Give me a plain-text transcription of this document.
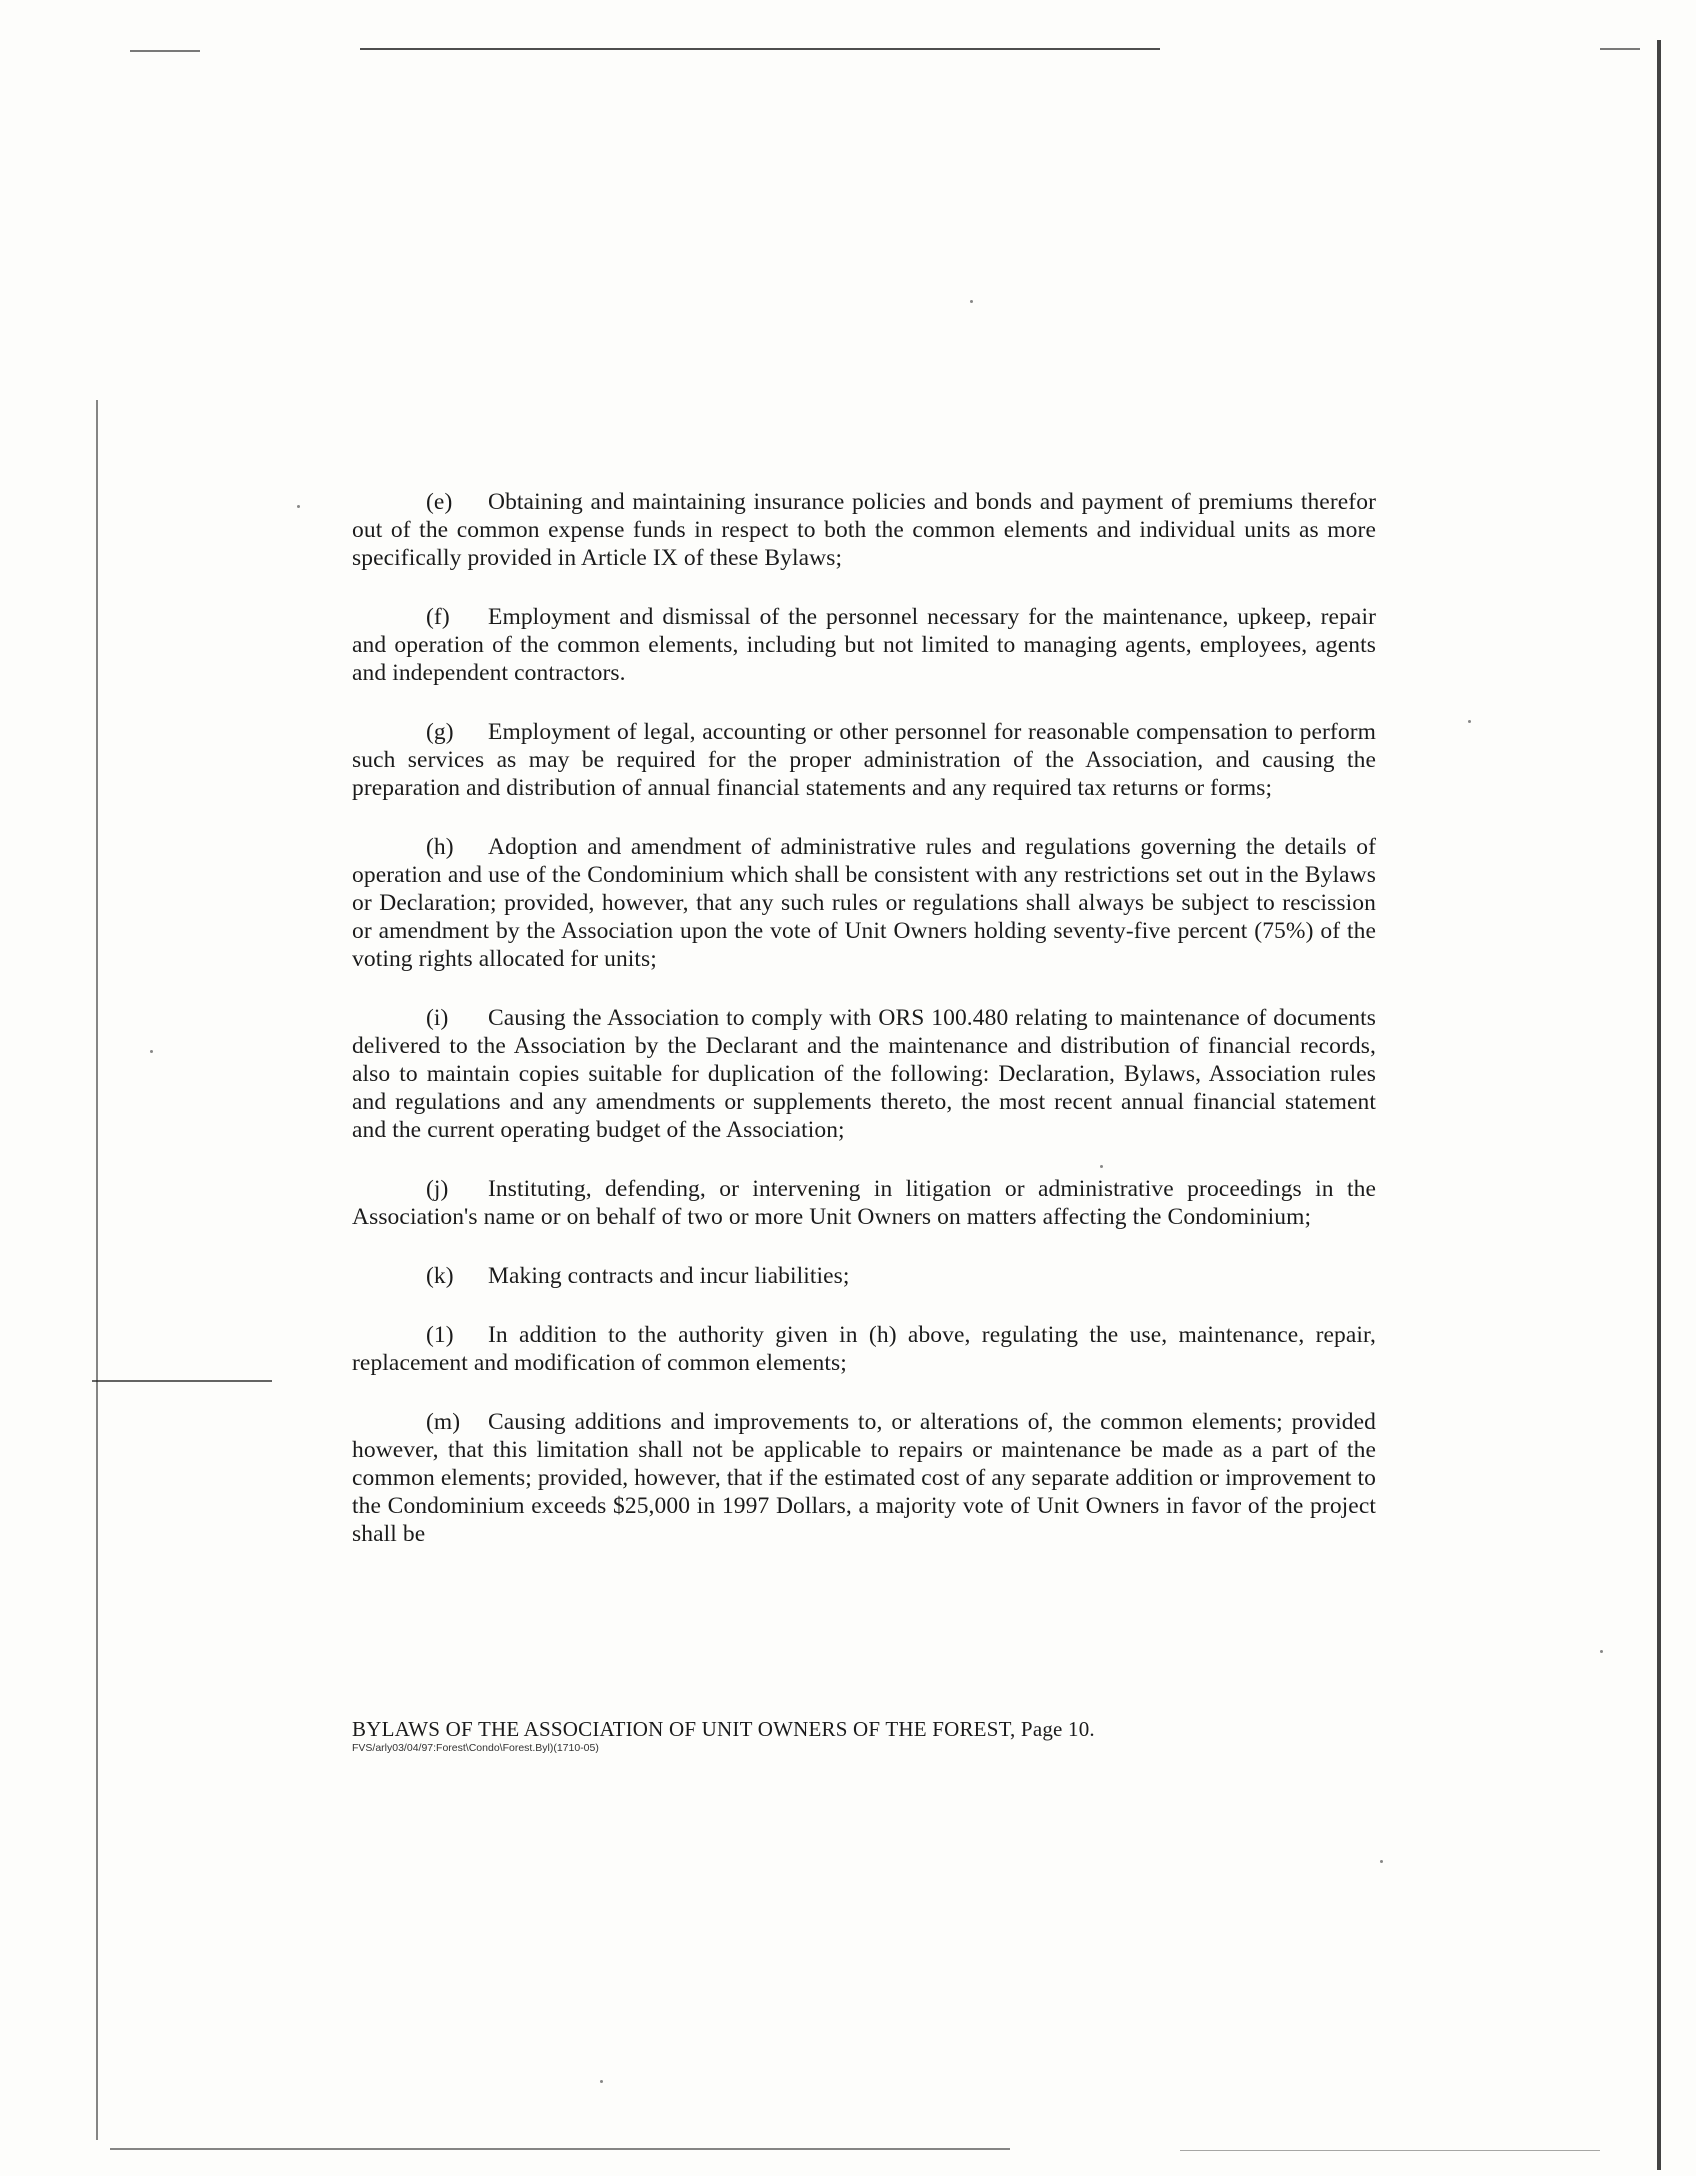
(e) Obtaining and maintaining insurance policies and bonds and payment of premiums therefor out of the common expense funds in respect to both the common elements and individual units as more specifically provided in Article IX of these Bylaws;

(f) Employment and dismissal of the personnel necessary for the maintenance, upkeep, repair and operation of the common elements, including but not limited to managing agents, employees, agents and independent contractors.

(g) Employment of legal, accounting or other personnel for reasonable compensation to perform such services as may be required for the proper administration of the Association, and causing the preparation and distribution of annual financial statements and any required tax returns or forms;

(h) Adoption and amendment of administrative rules and regulations governing the details of operation and use of the Condominium which shall be consistent with any restrictions set out in the Bylaws or Declaration; provided, however, that any such rules or regulations shall always be subject to rescission or amendment by the Association upon the vote of Unit Owners holding seventy-five percent (75%) of the voting rights allocated for units;

(i) Causing the Association to comply with ORS 100.480 relating to maintenance of documents delivered to the Association by the Declarant and the maintenance and distribution of financial records, also to maintain copies suitable for duplication of the following: Declaration, Bylaws, Association rules and regulations and any amendments or supplements thereto, the most recent annual financial statement and the current operating budget of the Association;

(j) Instituting, defending, or intervening in litigation or administrative proceedings in the Association's name or on behalf of two or more Unit Owners on matters affecting the Condominium;

(k) Making contracts and incur liabilities;

(1) In addition to the authority given in (h) above, regulating the use, maintenance, repair, replacement and modification of common elements;

(m) Causing additions and improvements to, or alterations of, the common elements; provided however, that this limitation shall not be applicable to repairs or maintenance be made as a part of the common elements; provided, however, that if the estimated cost of any separate addition or improvement to the Condominium exceeds $25,000 in 1997 Dollars, a majority vote of Unit Owners in favor of the project shall be

BYLAWS OF THE ASSOCIATION OF UNIT OWNERS OF THE FOREST, Page 10.
FVS/arly03/04/97:Forest\Condo\Forest.Byl)(1710-05)
